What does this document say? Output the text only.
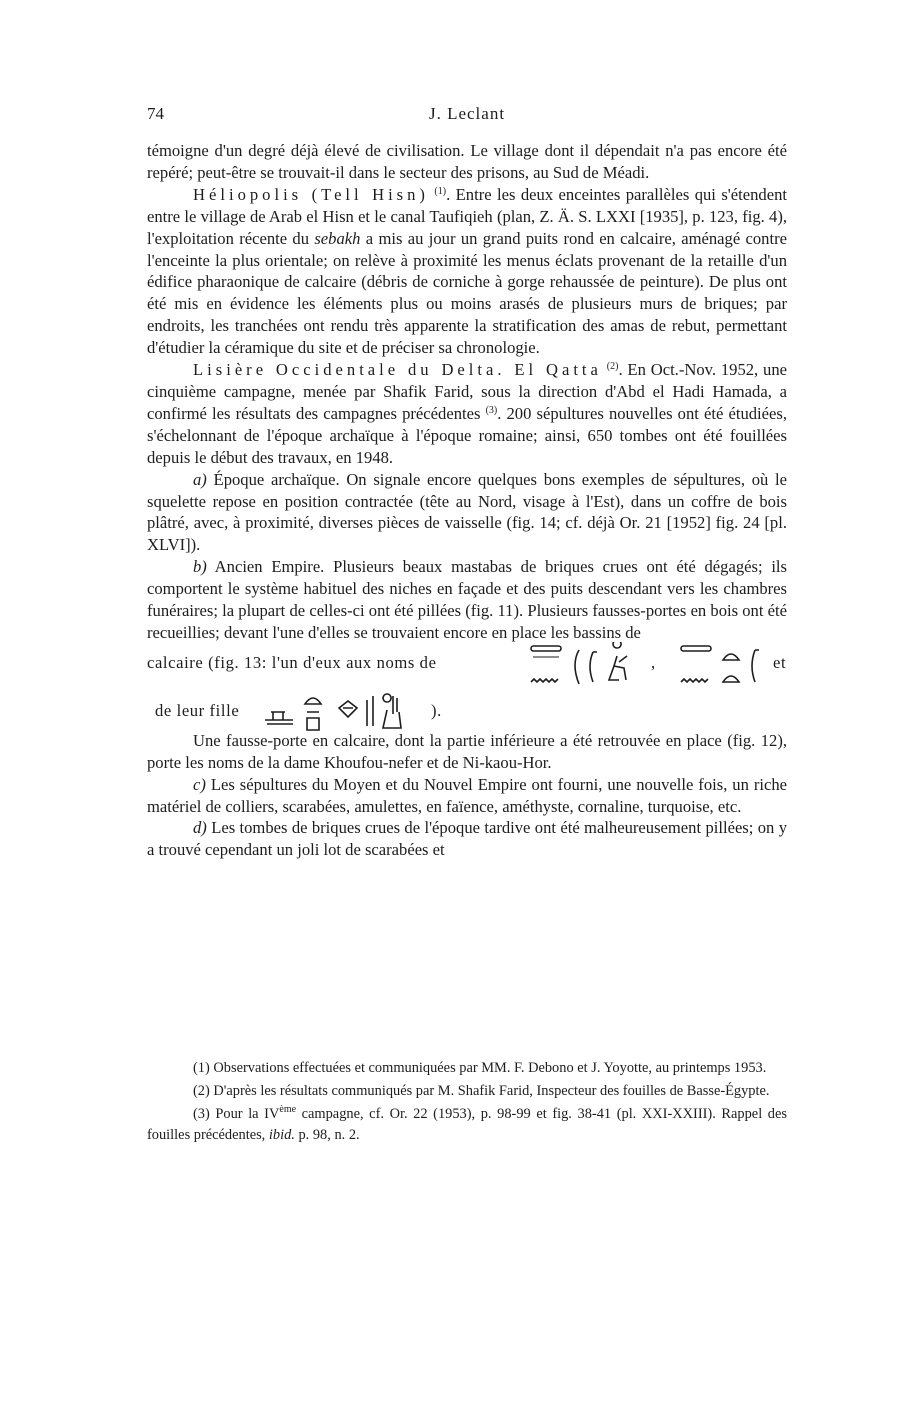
74	J. Leclant

témoigne d'un degré déjà élevé de civilisation. Le village dont il dépendait n'a pas encore été repéré; peut-être se trouvait-il dans le secteur des prisons, au Sud de Méadi.

Héliopolis (Tell Hisn) $^{(1)}$. Entre les deux enceintes parallèles qui s'étendent entre le village de Arab el Hisn et le canal Taufiqieh (plan, Z. Ä. S. LXXI [1935], p. 123, fig. 4), l'exploitation récente du sebakh a mis au jour un grand puits rond en calcaire, aménagé contre l'enceinte la plus orientale; on relève à proximité les menus éclats provenant de la retaille d'un édifice pharaonique de calcaire (débris de corniche à gorge rehaussée de peinture). De plus ont été mis en évidence les éléments plus ou moins arasés de plusieurs murs de briques; par endroits, les tranchées ont rendu très apparente la stratification des amas de rebut, permettant d'étudier la céramique du site et de préciser sa chronologie.

Lisière Occidentale du Delta. El Qatta $^{(2)}$. En Oct.-Nov. 1952, une cinquième campagne, menée par Shafik Farid, sous la direction d'Abd el Hadi Hamada, a confirmé les résultats des campagnes précédentes $^{(3)}$. 200 sépultures nouvelles ont été étudiées, s'échelonnant de l'époque archaïque à l'époque romaine; ainsi, 650 tombes ont été fouillées depuis le début des travaux, en 1948.

a) Époque archaïque. On signale encore quelques bons exemples de sépultures, où le squelette repose en position contractée (tête au Nord, visage à l'Est), dans un coffre de bois plâtré, avec, à proximité, diverses pièces de vaisselle (fig. 14; cf. déjà Or. 21 [1952] fig. 24 [pl. XLVI]).

b) Ancien Empire. Plusieurs beaux mastabas de briques crues ont été dégagés; ils comportent le système habituel des niches en façade et des puits descendant vers les chambres funéraires; la plupart de celles-ci ont été pillées (fig. 11). Plusieurs fausses-portes en bois ont été recueillies; devant l'une d'elles se trouvaient encore en place les bassins de

calcaire (fig. 13: l'un d'eux aux noms de	,	et
de leur fille	).

Une fausse-porte en calcaire, dont la partie inférieure a été retrouvée en place (fig. 12), porte les noms de la dame Khoufou-nefer et de Ni-kaou-Hor.

c) Les sépultures du Moyen et du Nouvel Empire ont fourni, une nouvelle fois, un riche matériel de colliers, scarabées, amulettes, en faïence, améthyste, cornaline, turquoise, etc.

d) Les tombes de briques crues de l'époque tardive ont été malheureusement pillées; on y a trouvé cependant un joli lot de scarabées et

(1) Observations effectuées et communiquées par MM. F. Debono et J. Yoyotte, au printemps 1953.

(2) D'après les résultats communiqués par M. Shafik Farid, Inspecteur des fouilles de Basse-Égypte.

(3) Pour la IVème campagne, cf. Or. 22 (1953), p. 98-99 et fig. 38-41 (pl. XXI-XXIII). Rappel des fouilles précédentes, ibid. p. 98, n. 2.
